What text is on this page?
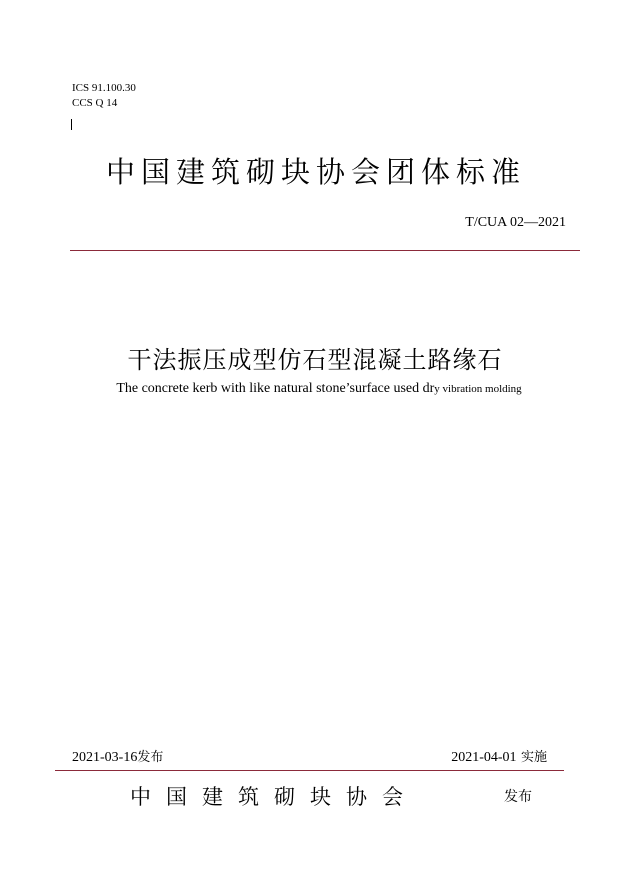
ICS 91.100.30
CCS Q 14
中国建筑砌块协会团体标准
T/CUA 02—2021
干法振压成型仿石型混凝土路缘石
The concrete kerb with like natural stone’surface used dry vibration molding
2021-03-16发布	2021-04-01 实施
中国建筑砌块协会	发布
